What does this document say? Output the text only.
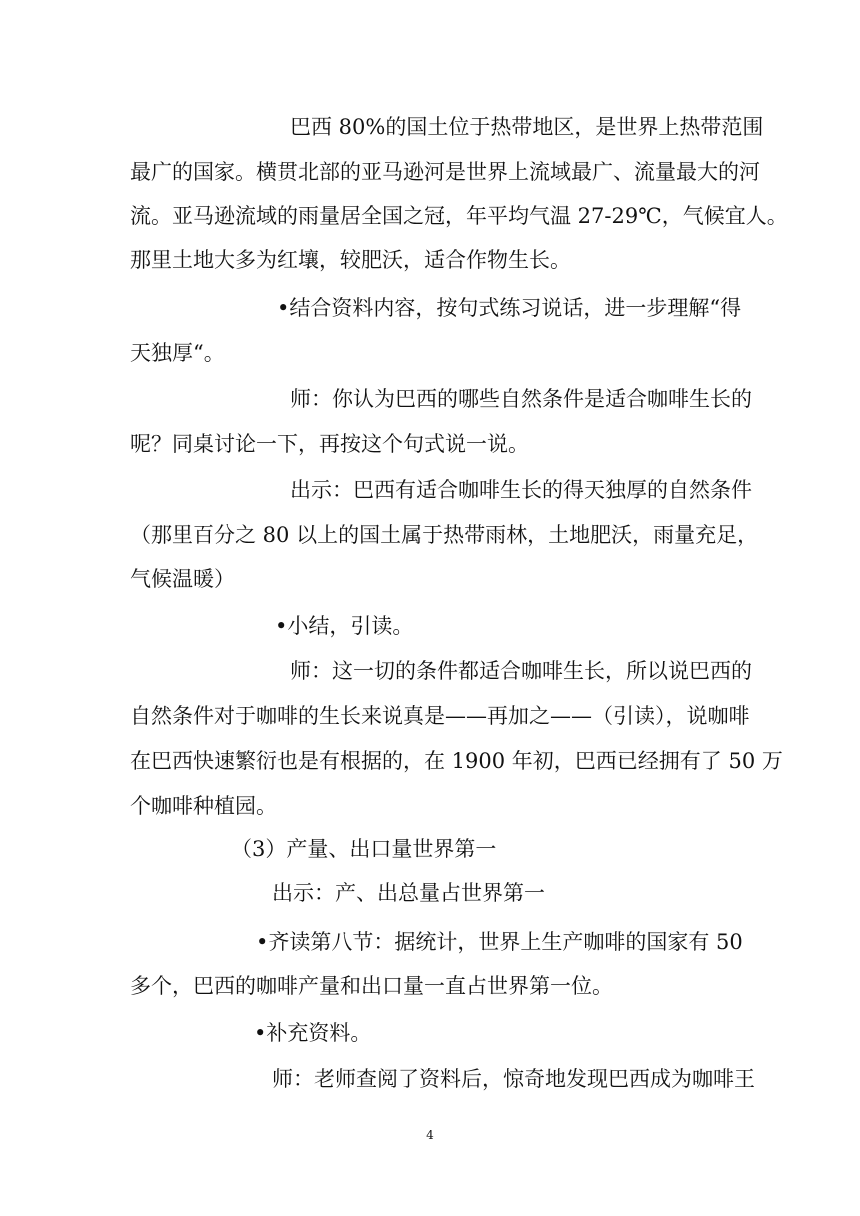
巴西 80%的国土位于热带地区，是世界上热带范围
最广的国家。横贯北部的亚马逊河是世界上流域最广、流量最大的河
流。亚马逊流域的雨量居全国之冠，年平均气温 27-29℃，气候宜人。
那里土地大多为红壤，较肥沃，适合作物生长。
•结合资料内容，按句式练习说话，进一步理解“得
天独厚“。
师：你认为巴西的哪些自然条件是适合咖啡生长的
呢？同桌讨论一下，再按这个句式说一说。
出示：巴西有适合咖啡生长的得天独厚的自然条件
（那里百分之 80 以上的国土属于热带雨林，土地肥沃，雨量充足，
气候温暖）
•小结，引读。
师：这一切的条件都适合咖啡生长，所以说巴西的
自然条件对于咖啡的生长来说真是——再加之——（引读），说咖啡
在巴西快速繁衍也是有根据的，在 1900 年初，巴西已经拥有了 50 万
个咖啡种植园。
（3）产量、出口量世界第一
出示：产、出总量占世界第一
•齐读第八节：据统计，世界上生产咖啡的国家有 50
多个，巴西的咖啡产量和出口量一直占世界第一位。
•补充资料。
师：老师查阅了资料后，惊奇地发现巴西成为咖啡王
4
